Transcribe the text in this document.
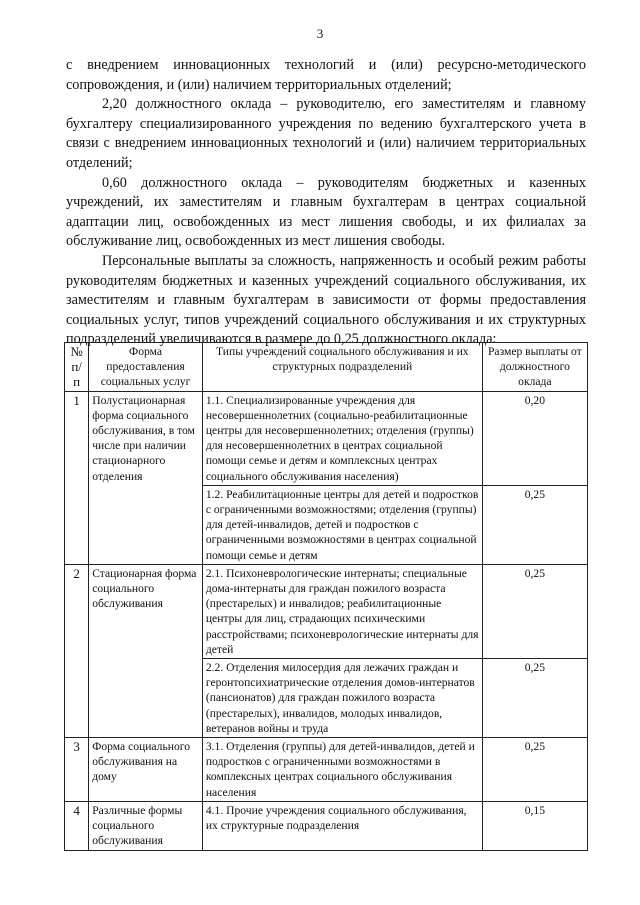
3

с внедрением инновационных технологий и (или) ресурсно-методического сопровождения, и (или) наличием территориальных отделений;

2,20 должностного оклада – руководителю, его заместителям и главному бухгалтеру специализированного учреждения по ведению бухгалтерского учета в связи с внедрением инновационных технологий и (или) наличием территориальных отделений;

0,60 должностного оклада – руководителям бюджетных и казенных учреждений, их заместителям и главным бухгалтерам в центрах социальной адаптации лиц, освобожденных из мест лишения свободы, и их филиалах за обслуживание лиц, освобожденных из мест лишения свободы.

Персональные выплаты за сложность, напряженность и особый режим работы руководителям бюджетных и казенных учреждений социального обслуживания, их заместителям и главным бухгалтерам в зависимости от формы предоставления социальных услуг, типов учреждений социального обслуживания и их структурных подразделений увеличиваются в размере до 0,25 должностного оклада:

№ п/п	Форма предоставления социальных услуг	Типы учреждений социального обслуживания и их структурных подразделений	Размер выплаты от должностного оклада
1	Полустационарная форма социального обслуживания, в том числе при наличии стационарного отделения	1.1. Специализированные учреждения для несовершеннолетних (социально-реабилитационные центры для несовершеннолетних; отделения (группы) для несовершеннолетних в центрах социальной помощи семье и детям и комплексных центрах социального обслуживания населения)	0,20
		1.2. Реабилитационные центры для детей и подростков с ограниченными возможностями; отделения (группы) для детей-инвалидов, детей и подростков с ограниченными возможностями в центрах социальной помощи семье и детям	0,25
2	Стационарная форма социального обслуживания	2.1. Психоневрологические интернаты; специальные дома-интернаты для граждан пожилого возраста (престарелых) и инвалидов; реабилитационные центры для лиц, страдающих психическими расстройствами; психоневрологические интернаты для детей	0,25
		2.2. Отделения милосердия для лежачих граждан и геронтопсихиатрические отделения домов-интернатов (пансионатов) для граждан пожилого возраста (престарелых), инвалидов, молодых инвалидов, ветеранов войны и труда	0,25
3	Форма социального обслуживания на дому	3.1. Отделения (группы) для детей-инвалидов, детей и подростков с ограниченными возможностями в комплексных центрах социального обслуживания населения	0,25
4	Различные формы социального обслуживания	4.1. Прочие учреждения социального обслуживания, их структурные подразделения	0,15
